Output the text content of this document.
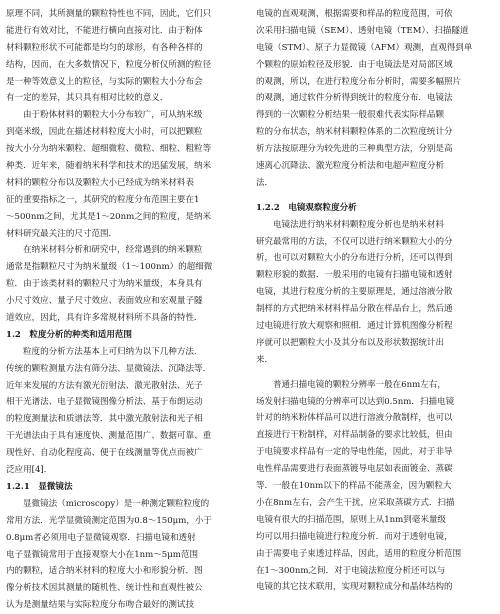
原理不同，其所测量的颗粒特性也不同，因此，它们只

能进行有效对比，不能进行横向直接对比．由于粉体

材料颗粒形状不可能都是均匀的球形，有各种各样的

结构，因而，在大多数情况下，粒度分析仪所测的粒径

是一种等效意义上的粒径，与实际的颗粒大小分布会

有一定的差异，其只具有相对比较的意义．

由于粉体材料的颗粒大小分布较广，可从纳米级

到毫米级，因此在描述材料粒度大小时，可以把颗粒

按大小分为纳米颗粒、超细微粒、微粒、细粒、粗粒等

种类．近年来，随着纳米科学和技术的迅猛发展，纳米

材料的颗粒分布以及颗粒大小已经成为纳米材料表

征的重要指标之一，其研究的粒度分布范围主要在1

～500nm之间，尤其是1～20nm之间的粒度，是纳米

材料研究最关注的尺寸范围．

在纳米材料分析和研究中，经常遇到的纳米颗粒

通常是指颗粒尺寸为纳米量级（1～100nm）的超细微

粒．由于该类材料的颗粒尺寸为纳米量级，本身具有

小尺寸效应、量子尺寸效应、表面效应和宏观量子隧

道效应，因此，具有许多常规材料所不具备的特性．

1.2　粒度分析的种类和适用范围

粒度的分析方法基本上可归纳为以下几种方法．

传统的颗粒测量方法有筛分法、显微镜法、沉降法等．

近年来发展的方法有激光衍射法、激光散射法、光子

相干光谱法、电子显微镜图像分析法、基于布朗运动

的粒度测量法和质谱法等．其中激光散射法和光子相

干光谱法由于具有速度快、测量范围广、数据可靠、重

现性好、自动化程度高、便于在线测量等优点而被广

泛应用[4]．

1.2.1　显微镜法

显微镜法（microscopy）是一种测定颗粒粒度的

常用方法．光学显微镜测定范围为0.8～150μm，小于

0.8μm者必须用电子显微镜观察．扫描电镜和透射

电子显微镜常用于直接观察大小在1nm～5μm范围

内的颗粒，适合纳米材料的粒度大小和形貌分析．图

像分析技术因其测量的随机性、统计性和直观性被公

认为是测量结果与实际粒度分布吻合最好的测试技

电镜的直观观测，根据需要和样品的粒度范围，可依

次采用扫描电镜（SEM）、透射电镜（TEM）、扫描隧道

电镜（STM）、原子力显微镜（AFM）观测，直观得到单

个颗粒的原始粒径及形貌．由于电镜法是对局部区域

的观测，所以，在进行粒度分布分析时，需要多幅照片

的观测，通过软件分析得到统计的粒度分布．电镜法

得到的一次颗粒分析结果一般很难代表实际样品颗

粒的分布状态，纳米材料颗粒体系的二次粒度统计分

析方法按原理分为较先进的三种典型方法，分别是高

速离心沉降法、激光粒度分析法和电超声粒度分析

法．

1.2.2　电镜观察粒度分析

电镜法进行纳米材料颗粒度分析也是纳米材料

研究最常用的方法，不仅可以进行纳米颗粒大小的分

析，也可以对颗粒大小的分布进行分析，还可以得到

颗粒形貌的数据．一般采用的电镜有扫描电镜和透射

电镜，其进行粒度分析的主要原理是，通过溶液分散

制样的方式把纳米材料样品分散在样品台上，然后通

过电镜进行放大观察和照相．通过计算机图像分析程

序就可以把颗粒大小及其分布以及形状数据统计出

来．

普通扫描电镜的颗粒分辨率一般在6nm左右，

场发射扫描电镜的分辨率可以达到0.5nm．扫描电镜

针对的纳米粉体样品可以进行溶液分散制样，也可以

直接进行干粉制样，对样品制备的要求比较低，但由

于电镜要求样品有一定的导电性能，因此，对于非导

电性样品需要进行表面蒸镀导电层如表面镀金、蒸碳

等．一般在10nm以下的样品不能蒸金，因为颗粒大

小在8nm左右，会产生干扰，应采取蒸碳方式．扫描

电镜有很大的扫描范围，原则上从1nm到毫米量级

均可以用扫描电镜进行粒度分析．而对于透射电镜，

由于需要电子束透过样品，因此，适用的粒度分析范围

在1～300nm之间．对于电镜法粒度分析还可以与

电镜的其它技术联用，实现对颗粒成分和晶体结构的
